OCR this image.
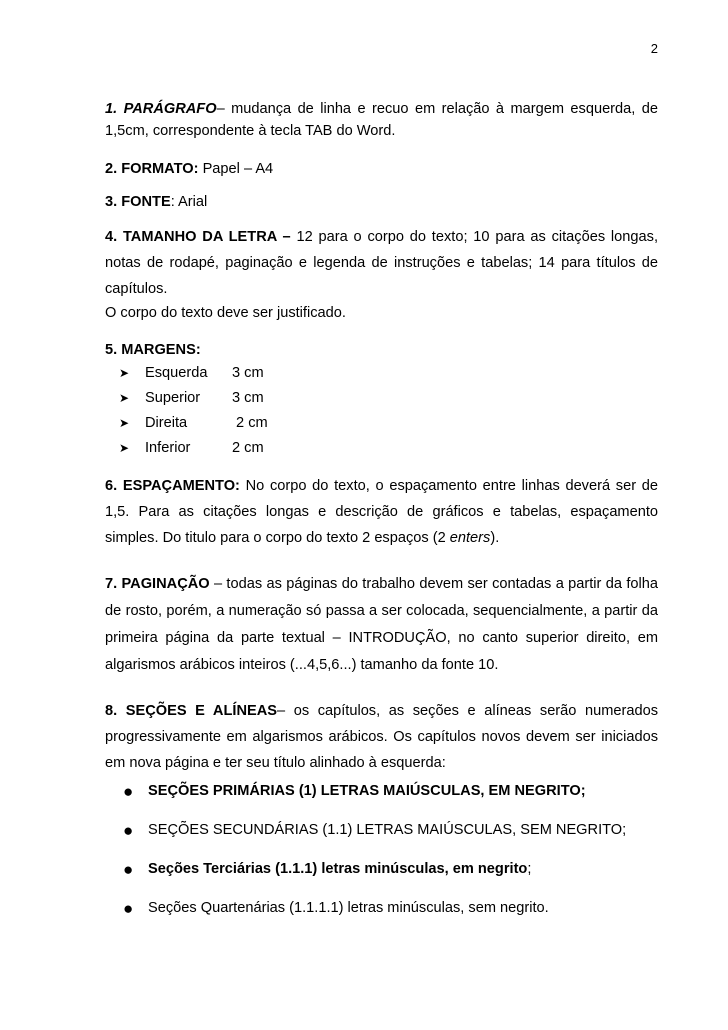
2

1. PARÁGRAFO– mudança de linha e recuo em relação à margem esquerda, de

1,5cm, correspondente à tecla TAB do Word.

2. FORMATO: Papel – A4

3. FONTE: Arial

4. TAMANHO DA LETRA – 12 para o corpo do texto; 10 para as citações longas, notas de rodapé, paginação e legenda de instruções e tabelas; 14 para títulos de capítulos.

O corpo do texto deve ser justificado.

5. MARGENS:

➤	Esquerda	3 cm
➤	Superior	3 cm
➤	Direita	2 cm
➤	Inferior	2 cm

6. ESPAÇAMENTO: No corpo do texto, o espaçamento entre linhas deverá ser de 1,5. Para as citações longas e descrição de gráficos e tabelas, espaçamento simples. Do titulo para o corpo do texto 2 espaços (2 enters).

7. PAGINAÇÃO – todas as páginas do trabalho devem ser contadas a partir da folha de rosto, porém, a numeração só passa a ser colocada, sequencialmente, a partir da primeira página da parte textual – INTRODUÇÃO, no canto superior direito, em algarismos arábicos inteiros (...4,5,6...) tamanho da fonte 10.

8. SEÇÕES E ALÍNEAS– os capítulos, as seções e alíneas serão numerados progressivamente em algarismos arábicos. Os capítulos novos devem ser iniciados em nova página e ter seu título alinhado à esquerda:

●	SEÇÕES PRIMÁRIAS (1) LETRAS MAIÚSCULAS, EM NEGRITO;
●	SEÇÕES SECUNDÁRIAS (1.1) LETRAS MAIÚSCULAS, SEM NEGRITO;
●	Seções Terciárias (1.1.1) letras minúsculas, em negrito;
●	Seções Quartenárias (1.1.1.1) letras minúsculas, sem negrito.
